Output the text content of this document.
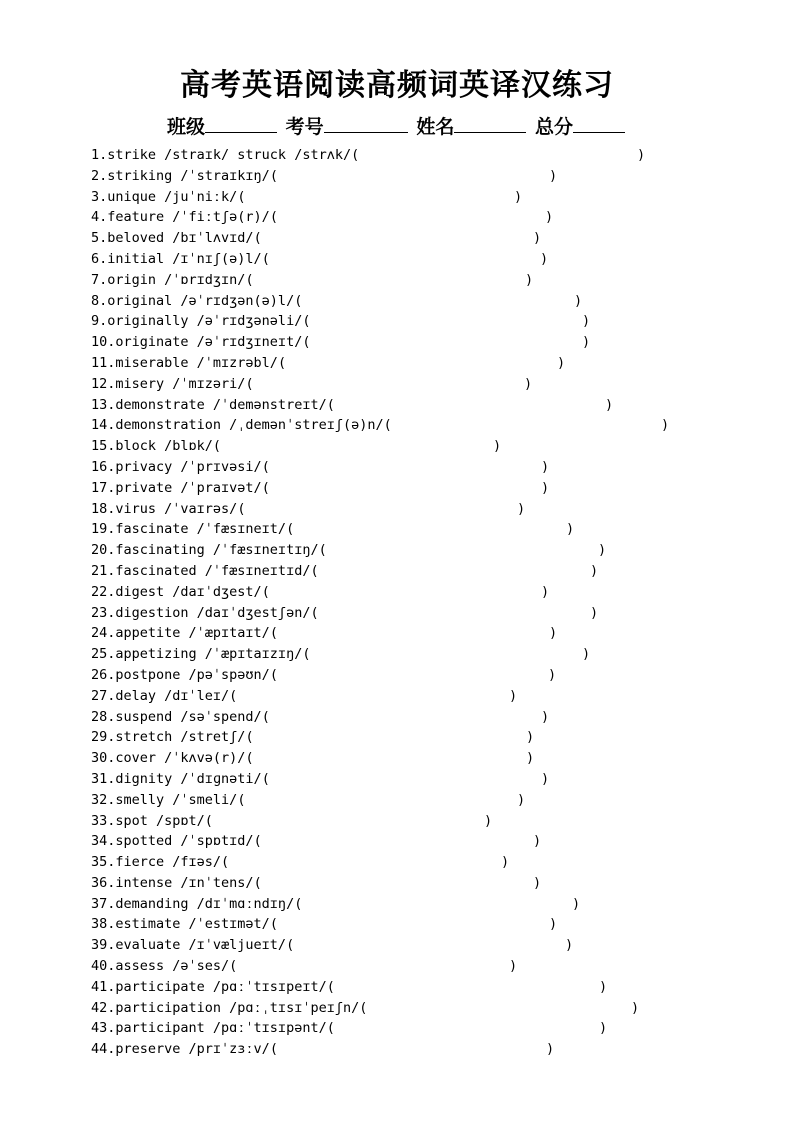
高考英语阅读高频词英译汉练习
班级	考号	姓名	总分
1.strike /straɪk/ struck /strʌk/ (	)
2.striking /ˈstraɪkɪŋ/ (	)
3.unique /juˈniːk/ (	)
4.feature /ˈfiːtʃə(r)/ (	)
5.beloved /bɪˈlʌvɪd/ (	)
6.initial /ɪˈnɪʃ(ə)l/ (	)
7.origin /ˈɒrɪdʒɪn/ (	)
8.original /əˈrɪdʒən(ə)l/ (	)
9.originally /əˈrɪdʒənəli/ (	)
10.originate /əˈrɪdʒɪneɪt/ (	)
11.miserable /ˈmɪzrəbl/ (	)
12.misery /ˈmɪzəri/ (	)
13.demonstrate /ˈdemənstreɪt/ (	)
14.demonstration /ˌdemənˈstreɪʃ(ə)n/ (	)
15.block /blɒk/ (	)
16.privacy /ˈprɪvəsi/ (	)
17.private /ˈpraɪvət/ (	)
18.virus /ˈvaɪrəs/ (	)
19.fascinate /ˈfæsɪneɪt/ (	)
20.fascinating /ˈfæsɪneɪtɪŋ/ (	)
21.fascinated /ˈfæsɪneɪtɪd/ (	)
22.digest /daɪˈdʒest/ (	)
23.digestion /daɪˈdʒestʃən/ (	)
24.appetite /ˈæpɪtaɪt/ (	)
25.appetizing /ˈæpɪtaɪzɪŋ/ (	)
26.postpone /pəˈspəʊn/ (	)
27.delay /dɪˈleɪ/ (	)
28.suspend /səˈspend/ (	)
29.stretch /stretʃ/ (	)
30.cover /ˈkʌvə(r)/ (	)
31.dignity /ˈdɪɡnəti/ (	)
32.smelly /ˈsmeli/ (	)
33.spot /spɒt/ (	)
34.spotted /ˈspɒtɪd/ (	)
35.fierce /fɪəs/ (	)
36.intense /ɪnˈtens/ (	)
37.demanding /dɪˈmɑːndɪŋ/ (	)
38.estimate /ˈestɪmət/ (	)
39.evaluate /ɪˈvæljueɪt/ (	)
40.assess /əˈses/ (	)
41.participate /pɑːˈtɪsɪpeɪt/ (	)
42.participation /pɑːˌtɪsɪˈpeɪʃn/ (	)
43.participant /pɑːˈtɪsɪpənt/ (	)
44.preserve /prɪˈzɜːv/ (	)
